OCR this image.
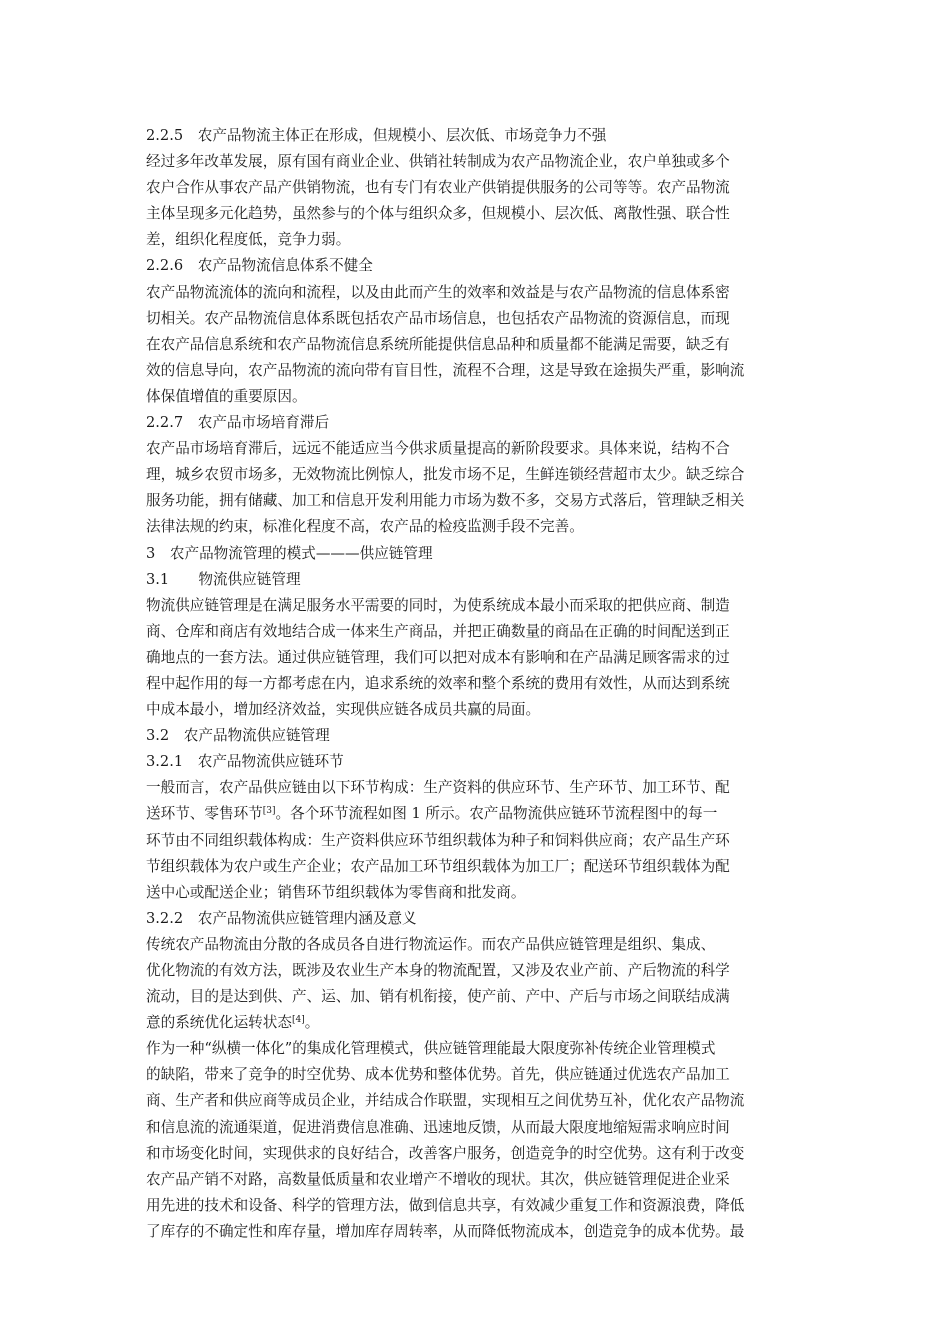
2.2.5　农产品物流主体正在形成，但规模小、层次低、市场竞争力不强
经过多年改革发展，原有国有商业企业、供销社转制成为农产品物流企业，农户单独或多个
农户合作从事农产品产供销物流，也有专门有农业产供销提供服务的公司等等。农产品物流
主体呈现多元化趋势，虽然参与的个体与组织众多，但规模小、层次低、离散性强、联合性
差，组织化程度低，竞争力弱。
2.2.6　农产品物流信息体系不健全
农产品物流流体的流向和流程，以及由此而产生的效率和效益是与农产品物流的信息体系密
切相关。农产品物流信息体系既包括农产品市场信息，也包括农产品物流的资源信息，而现
在农产品信息系统和农产品物流信息系统所能提供信息品种和质量都不能满足需要，缺乏有
效的信息导向，农产品物流的流向带有盲目性，流程不合理，这是导致在途损失严重，影响流
体保值增值的重要原因。
2.2.7　农产品市场培育滞后
农产品市场培育滞后，远远不能适应当今供求质量提高的新阶段要求。具体来说，结构不合
理，城乡农贸市场多，无效物流比例惊人，批发市场不足，生鲜连锁经营超市太少。缺乏综合
服务功能，拥有储藏、加工和信息开发利用能力市场为数不多，交易方式落后，管理缺乏相关
法律法规的约束，标准化程度不高，农产品的检疫监测手段不完善。
3　农产品物流管理的模式———供应链管理
3.1　　物流供应链管理
物流供应链管理是在满足服务水平需要的同时，为使系统成本最小而采取的把供应商、制造
商、仓库和商店有效地结合成一体来生产商品，并把正确数量的商品在正确的时间配送到正
确地点的一套方法。通过供应链管理，我们可以把对成本有影响和在产品满足顾客需求的过
程中起作用的每一方都考虑在内，追求系统的效率和整个系统的费用有效性，从而达到系统
中成本最小，增加经济效益，实现供应链各成员共赢的局面。
3.2　农产品物流供应链管理
3.2.1　农产品物流供应链环节
一般而言，农产品供应链由以下环节构成：生产资料的供应环节、生产环节、加工环节、配
送环节、零售环节[3]。各个环节流程如图 1 所示。农产品物流供应链环节流程图中的每一
环节由不同组织载体构成：生产资料供应环节组织载体为种子和饲料供应商；农产品生产环
节组织载体为农户或生产企业；农产品加工环节组织载体为加工厂；配送环节组织载体为配
送中心或配送企业；销售环节组织载体为零售商和批发商。
3.2.2　农产品物流供应链管理内涵及意义
传统农产品物流由分散的各成员各自进行物流运作。而农产品供应链管理是组织、集成、
优化物流的有效方法，既涉及农业生产本身的物流配置，又涉及农业产前、产后物流的科学
流动，目的是达到供、产、运、加、销有机衔接，使产前、产中、产后与市场之间联结成满
意的系统优化运转状态[4]。
作为一种“纵横一体化”的集成化管理模式，供应链管理能最大限度弥补传统企业管理模式
的缺陷，带来了竞争的时空优势、成本优势和整体优势。首先，供应链通过优选农产品加工
商、生产者和供应商等成员企业，并结成合作联盟，实现相互之间优势互补，优化农产品物流
和信息流的流通渠道，促进消费信息准确、迅速地反馈，从而最大限度地缩短需求响应时间
和市场变化时间，实现供求的良好结合，改善客户服务，创造竞争的时空优势。这有利于改变
农产品产销不对路，高数量低质量和农业增产不增收的现状。其次，供应链管理促进企业采
用先进的技术和设备、科学的管理方法，做到信息共享，有效减少重复工作和资源浪费，降低
了库存的不确定性和库存量，增加库存周转率，从而降低物流成本，创造竞争的成本优势。最
